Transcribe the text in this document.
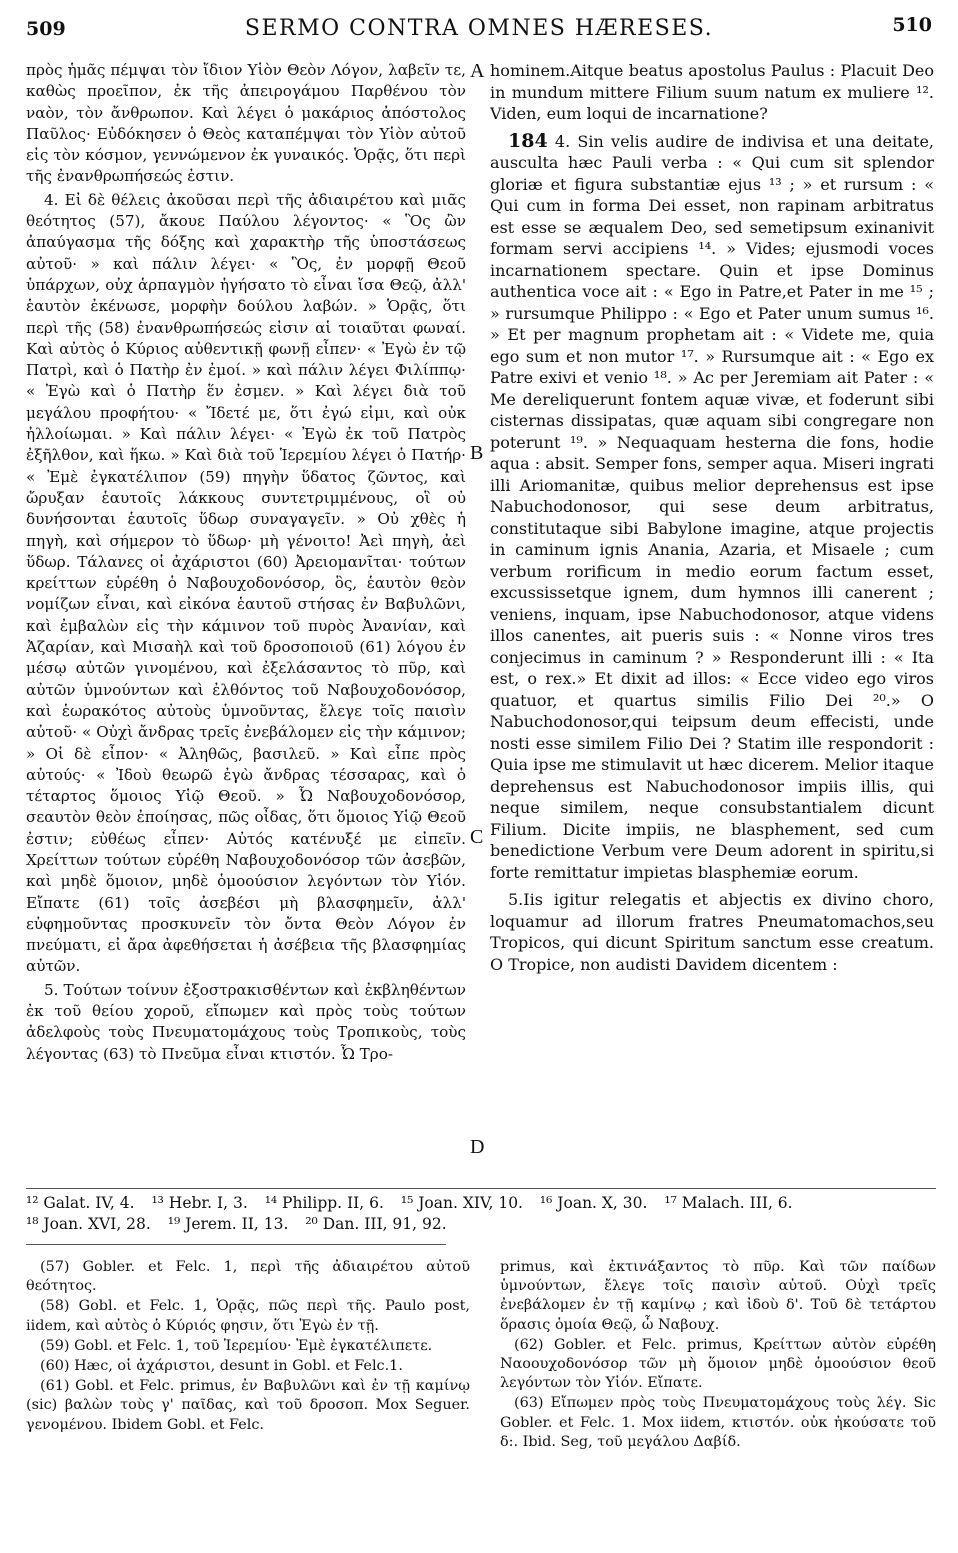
509	SERMO CONTRA OMNES HÆRESES.	510

πρὸς ἡμᾶς πέμψαι τὸν ἴδιον Υἱὸν Θεὸν Λόγον, λαβεῖν τε, καθὼς προεῖπον, ἐκ τῆς ἀπειρογάμου Παρθένου τὸν ναὸν, τὸν ἄνθρωπον. Καὶ λέγει ὁ μακάριος ἀπόστολος Παῦλος· Εὐδόκησεν ὁ Θεὸς καταπέμψαι τὸν Υἱὸν αὐτοῦ εἰς τὸν κόσμον, γεννώμενον ἐκ γυναικός. Ὁρᾷς, ὅτι περὶ τῆς ἐνανθρωπήσεώς ἐστιν.

4. Εἰ δὲ θέλεις ἀκοῦσαι περὶ τῆς ἀδιαιρέτου καὶ μιᾶς θεότητος (57), ἄκουε Παύλου λέγοντος· « Ὃς ὢν ἀπαύγασμα τῆς δόξης καὶ χαρακτὴρ τῆς ὑποστάσεως αὐτοῦ· » καὶ πάλιν λέγει· « Ὃς, ἐν μορφῇ Θεοῦ ὑπάρχων, οὐχ ἁρπαγμὸν ἡγήσατο τὸ εἶναι ἴσα Θεῷ, ἀλλ' ἑαυτὸν ἐκένωσε, μορφὴν δούλου λαβών. » Ὁρᾷς, ὅτι περὶ τῆς (58) ἐνανθρωπήσεώς εἰσιν αἱ τοιαῦται φωναί. Καὶ αὐτὸς ὁ Κύριος αὐθεντικῇ φωνῇ εἶπεν· « Ἐγὼ ἐν τῷ Πατρὶ, καὶ ὁ Πατὴρ ἐν ἐμοί. » καὶ πάλιν λέγει Φιλίππῳ· « Ἐγὼ καὶ ὁ Πατὴρ ἕν ἐσμεν. » Καὶ λέγει διὰ τοῦ μεγάλου προφήτου· « Ἴδετέ με, ὅτι ἐγώ εἰμι, καὶ οὐκ ἠλλοίωμαι. » Καὶ πάλιν λέγει· « Ἐγὼ ἐκ τοῦ Πατρὸς ἐξῆλθον, καὶ ἥκω. » Καὶ διὰ τοῦ Ἱερεμίου λέγει ὁ Πατήρ· « Ἐμὲ ἐγκατέλιπον (59) πηγὴν ὕδατος ζῶντος, καὶ ὤρυξαν ἑαυτοῖς λάκκους συντετριμμένους, οἳ οὐ δυνήσονται ἑαυτοῖς ὕδωρ συναγαγεῖν. » Οὐ χθὲς ἡ πηγὴ, καὶ σήμερον τὸ ὕδωρ· μὴ γένοιτο! Ἀεὶ πηγὴ, ἀεὶ ὕδωρ. Τάλανες οἱ ἀχάριστοι (60) Ἀρειομανῖται· τούτων κρείττων εὑρέθη ὁ Ναβουχοδονόσορ, ὃς, ἑαυτὸν θεὸν νομίζων εἶναι, καὶ εἰκόνα ἑαυτοῦ στήσας ἐν Βαβυλῶνι, καὶ ἐμβαλὼν εἰς τὴν κάμινον τοῦ πυρὸς Ἀνανίαν, καὶ Ἀζαρίαν, καὶ Μισαὴλ καὶ τοῦ δροσοποιοῦ (61) λόγου ἐν μέσῳ αὐτῶν γινομένου, καὶ ἐξελάσαντος τὸ πῦρ, καὶ αὐτῶν ὑμνούντων καὶ ἐλθόντος τοῦ Ναβουχοδονόσορ, καὶ ἑωρακότος αὐτοὺς ὑμνοῦντας, ἔλεγε τοῖς παισὶν αὐτοῦ· « Οὐχὶ ἄνδρας τρεῖς ἐνεβάλομεν εἰς τὴν κάμινον; » Οἱ δὲ εἶπον· « Ἀληθῶς, βασιλεῦ. » Καὶ εἶπε πρὸς αὐτούς· « Ἰδοὺ θεωρῶ ἐγὼ ἄνδρας τέσσαρας, καὶ ὁ τέταρτος ὅμοιος Υἱῷ Θεοῦ. » Ὦ Ναβουχοδονόσορ, σεαυτὸν θεὸν ἐποίησας, πῶς οἶδας, ὅτι ὅμοιος Υἱῷ Θεοῦ ἐστιν; εὐθέως εἶπεν· Αὐτός κατένυξέ με εἰπεῖν. Χρείττων τούτων εὑρέθη Ναβουχοδονόσορ τῶν ἀσεβῶν, καὶ μηδὲ ὅμοιον, μηδὲ ὁμοούσιον λεγόντων τὸν Υἱόν. Εἴπατε (61) τοῖς ἀσεβέσι μὴ βλασφημεῖν, ἀλλ' εὐφημοῦντας προσκυνεῖν τὸν ὄντα Θεὸν Λόγον ἐν πνεύματι, εἰ ἄρα ἀφεθήσεται ἡ ἀσέβεια τῆς βλασφημίας αὐτῶν.

5. Τούτων τοίνυν ἐξοστρακισθέντων καὶ ἐκβληθέντων ἐκ τοῦ θείου χοροῦ, εἴπωμεν καὶ πρὸς τοὺς τούτων ἀδελφοὺς τοὺς Πνευματομάχους τοὺς Τροπικοὺς, τοὺς λέγοντας (63) τὸ Πνεῦμα εἶναι κτιστόν. Ὦ Τρο-

A
B
C
D

hominem.Aitque beatus apostolus Paulus : Placuit Deo in mundum mittere Filium suum natum ex muliere ¹². Viden, eum loqui de incarnatione?

184 4. Sin velis audire de indivisa et una deitate, ausculta hæc Pauli verba : « Qui cum sit splendor gloriæ et figura substantiæ ejus ¹³ ; » et rursum : « Qui cum in forma Dei esset, non rapinam arbitratus est esse se æqualem Deo, sed semetipsum exinanivit formam servi accipiens ¹⁴. » Vides; ejusmodi voces incarnationem spectare. Quin et ipse Dominus authentica voce ait : « Ego in Patre,et Pater in me ¹⁵ ; » rursumque Philippo : « Ego et Pater unum sumus ¹⁶. » Et per magnum prophetam ait : « Videte me, quia ego sum et non mutor ¹⁷. » Rursumque ait : « Ego ex Patre exivi et venio ¹⁸. » Ac per Jeremiam ait Pater : « Me dereliquerunt fontem aquæ vivæ, et foderunt sibi cisternas dissipatas, quæ aquam sibi congregare non poterunt ¹⁹. » Nequaquam hesterna die fons, hodie aqua : absit. Semper fons, semper aqua. Miseri ingrati illi Ariomanitæ, quibus melior deprehensus est ipse Nabuchodonosor, qui sese deum arbitratus, constitutaque sibi Babylone imagine, atque projectis in caminum ignis Anania, Azaria, et Misaele ; cum verbum rorificum in medio eorum factum esset, excussissetque ignem, dum hymnos illi canerent ; veniens, inquam, ipse Nabuchodonosor, atque videns illos canentes, ait pueris suis : « Nonne viros tres conjecimus in caminum ? » Responderunt illi : « Ita est, o rex.» Et dixit ad illos: « Ecce video ego viros quatuor, et quartus similis Filio Dei ²⁰.» O Nabuchodonosor,qui teipsum deum effecisti, unde nosti esse similem Filio Dei ? Statim ille respondorit : Quia ipse me stimulavit ut hæc dicerem. Melior itaque deprehensus est Nabuchodonosor impiis illis, qui neque similem, neque consubstantialem dicunt Filium. Dicite impiis, ne blasphement, sed cum benedictione Verbum vere Deum adorent in spiritu,si forte remittatur impietas blasphemiæ eorum.

5.Iis igitur relegatis et abjectis ex divino choro, loquamur ad illorum fratres Pneumatomachos,seu Tropicos, qui dicunt Spiritum sanctum esse creatum. O Tropice, non audisti Davidem dicentem :

¹² Galat. IV, 4. ¹³ Hebr. I, 3. ¹⁴ Philipp. II, 6. ¹⁵ Joan. XIV, 10. ¹⁶ Joan. X, 30. ¹⁷ Malach. III, 6.
¹⁸ Joan. XVI, 28. ¹⁹ Jerem. II, 13. ²⁰ Dan. III, 91, 92.

(57) Gobler. et Felc. 1, περὶ τῆς ἀδιαιρέτου αὐτοῦ θεότητος.

(58) Gobl. et Felc. 1, Ὁρᾷς, πῶς περὶ τῆς. Paulo post, iidem, καὶ αὐτὸς ὁ Κύριός φησιν, ὅτι Ἐγὼ ἐν τῇ.

(59) Gobl. et Felc. 1, τοῦ Ἱερεμίου· Ἐμὲ ἐγκατέλιπετε.

(60) Hæc, οἱ ἀχάριστοι, desunt in Gobl. et Felc.1.

(61) Gobl. et Felc. primus, ἐν Βαβυλῶνι καὶ ἐν τῇ καμίνῳ (sic) βαλὼν τοὺς γ' παῖδας, καὶ τοῦ δροσοπ. Mox Seguer. γενομένου. Ibidem Gobl. et Felc.

primus, καὶ ἐκτινάξαντος τὸ πῦρ. Καὶ τῶν παίδων ὑμνούντων, ἔλεγε τοῖς παισὶν αὐτοῦ. Οὐχὶ τρεῖς ἐνεβάλομεν ἐν τῇ καμίνῳ ; καὶ ἰδοὺ δ'. Τοῦ δὲ τετάρτου ὅρασις ὁμοία Θεῷ, ὦ Ναβουχ.

(62) Gobler. et Felc. primus, Κρείττων αὐτὸν εὑρέθη Ναοουχοδονόσορ τῶν μὴ ὅμοιον μηδὲ ὁμοούσιον θεοῦ λεγόντων τὸν Υἱόν. Εἴπατε.

(63) Εἴπωμεν πρὸς τοὺς Πνευματομάχους τοὺς λέγ. Sic Gobler. et Felc. 1. Mox iidem, κτιστόν. οὐκ ἠκούσατε τοῦ δ:. Ibid. Seg, τοῦ μεγάλου Δαβίδ.
